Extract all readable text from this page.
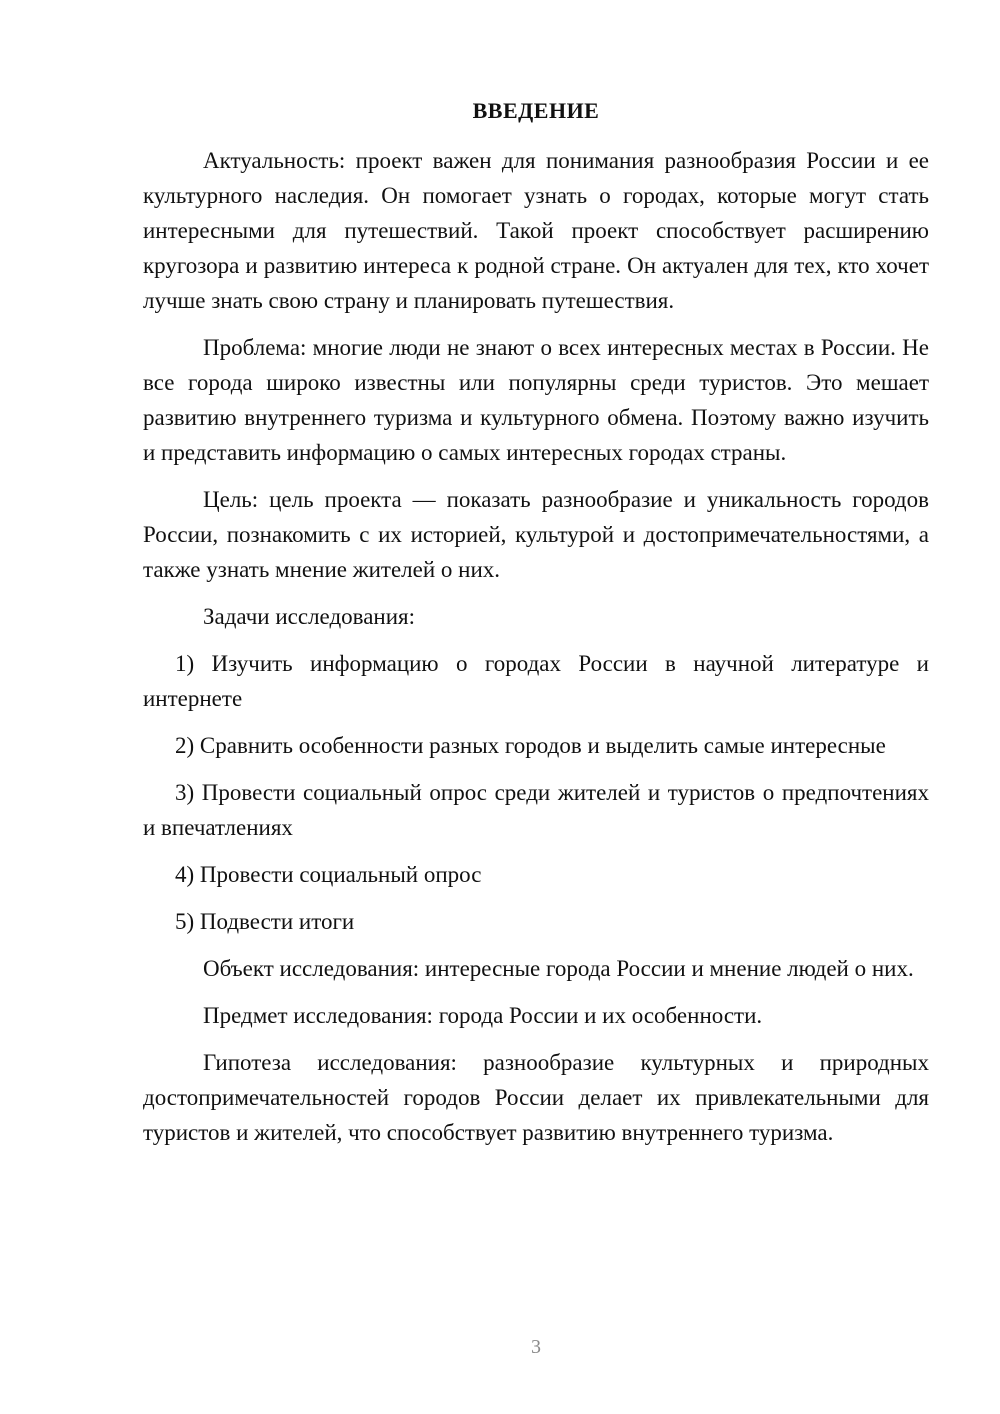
ВВЕДЕНИЕ

Актуальность: проект важен для понимания разнообразия России и ее культурного наследия. Он помогает узнать о городах, которые могут стать интересными для путешествий. Такой проект способствует расширению кругозора и развитию интереса к родной стране. Он актуален для тех, кто хочет лучше знать свою страну и планировать путешествия.

Проблема: многие люди не знают о всех интересных местах в России. Не все города широко известны или популярны среди туристов. Это мешает развитию внутреннего туризма и культурного обмена. Поэтому важно изучить и представить информацию о самых интересных городах страны.

Цель: цель проекта — показать разнообразие и уникальность городов России, познакомить с их историей, культурой и достопримечательностями, а также узнать мнение жителей о них.

Задачи исследования:

1) Изучить информацию о городах России в научной литературе и интернете

2) Сравнить особенности разных городов и выделить самые интересные

3) Провести социальный опрос среди жителей и туристов о предпочтениях и впечатлениях

4) Провести социальный опрос

5) Подвести итоги

Объект исследования: интересные города России и мнение людей о них.

Предмет исследования: города России и их особенности.

Гипотеза исследования: разнообразие культурных и природных достопримечательностей городов России делает их привлекательными для туристов и жителей, что способствует развитию внутреннего туризма.

3
